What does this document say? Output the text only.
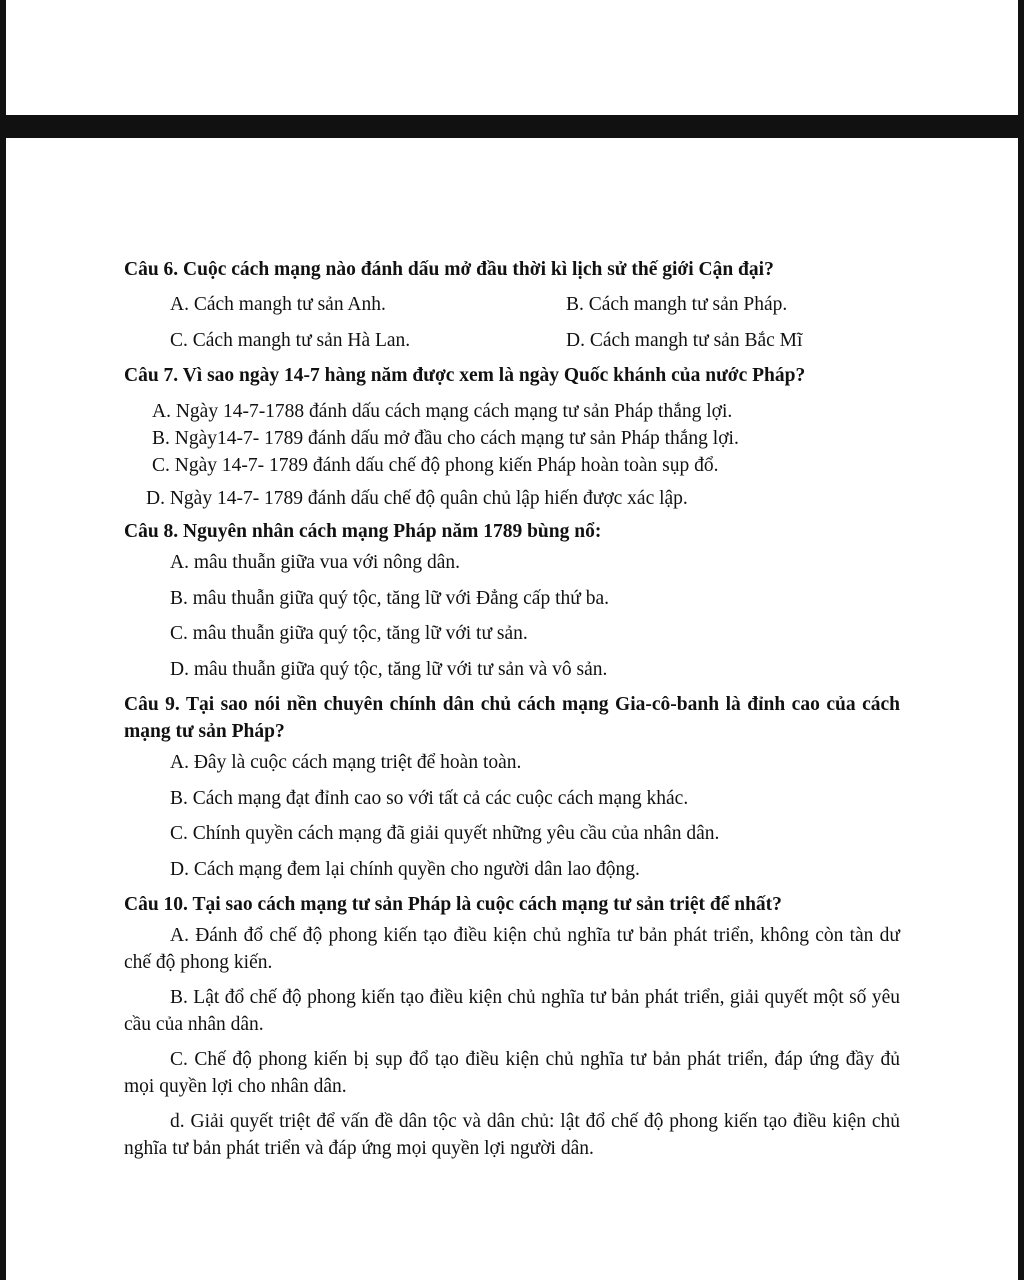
Câu 6. Cuộc cách mạng nào đánh dấu mở đầu thời kì lịch sử thế giới Cận đại?

A. Cách mangh tư sản Anh.	B. Cách mangh tư sản Pháp.

C. Cách mangh tư sản Hà Lan.	D. Cách mangh tư sản Bắc Mĩ

Câu 7. Vì sao ngày 14-7 hàng năm được xem là ngày Quốc khánh của nước Pháp?

A. Ngày 14-7-1788 đánh dấu cách mạng cách mạng tư sản Pháp thắng lợi.

B. Ngày14-7- 1789 đánh dấu mở đầu cho cách mạng tư sản Pháp thắng lợi.

C. Ngày 14-7- 1789 đánh dấu chế độ phong kiến Pháp hoàn toàn sụp đổ.

D. Ngày 14-7- 1789 đánh dấu chế độ quân chủ lập hiến được xác lập.

Câu 8. Nguyên nhân cách mạng Pháp năm 1789 bùng nổ:

A. mâu thuẫn giữa vua với nông dân.

B. mâu thuẫn giữa quý tộc, tăng lữ với Đẳng cấp thứ ba.

C. mâu thuẫn giữa quý tộc, tăng lữ với tư sản.

D. mâu thuẫn giữa quý tộc, tăng lữ với tư sản và vô sản.

Câu 9. Tại sao nói nền chuyên chính dân chủ cách mạng Gia-cô-banh là đỉnh cao của cách mạng tư sản Pháp?

A. Đây là cuộc cách mạng triệt để hoàn toàn.

B. Cách mạng đạt đỉnh cao so với tất cả các cuộc cách mạng khác.

C. Chính quyền cách mạng đã giải quyết những yêu cầu của nhân dân.

D. Cách mạng đem lại chính quyền cho người dân lao động.

Câu 10. Tại sao cách mạng tư sản Pháp là cuộc cách mạng tư sản triệt để nhất?

A. Đánh đổ chế độ phong kiến tạo điều kiện chủ nghĩa tư bản phát triển, không còn tàn dư chế độ phong kiến.

B. Lật đổ chế độ phong kiến tạo điều kiện chủ nghĩa tư bản phát triển, giải quyết một số yêu cầu của nhân dân.

C. Chế độ phong kiến bị sụp đổ tạo điều kiện chủ nghĩa tư bản phát triển, đáp ứng đầy đủ mọi quyền lợi cho nhân dân.

d. Giải quyết triệt để vấn đề dân tộc và dân chủ: lật đổ chế độ phong kiến tạo điều kiện chủ nghĩa tư bản phát triển và đáp ứng mọi quyền lợi người dân.
